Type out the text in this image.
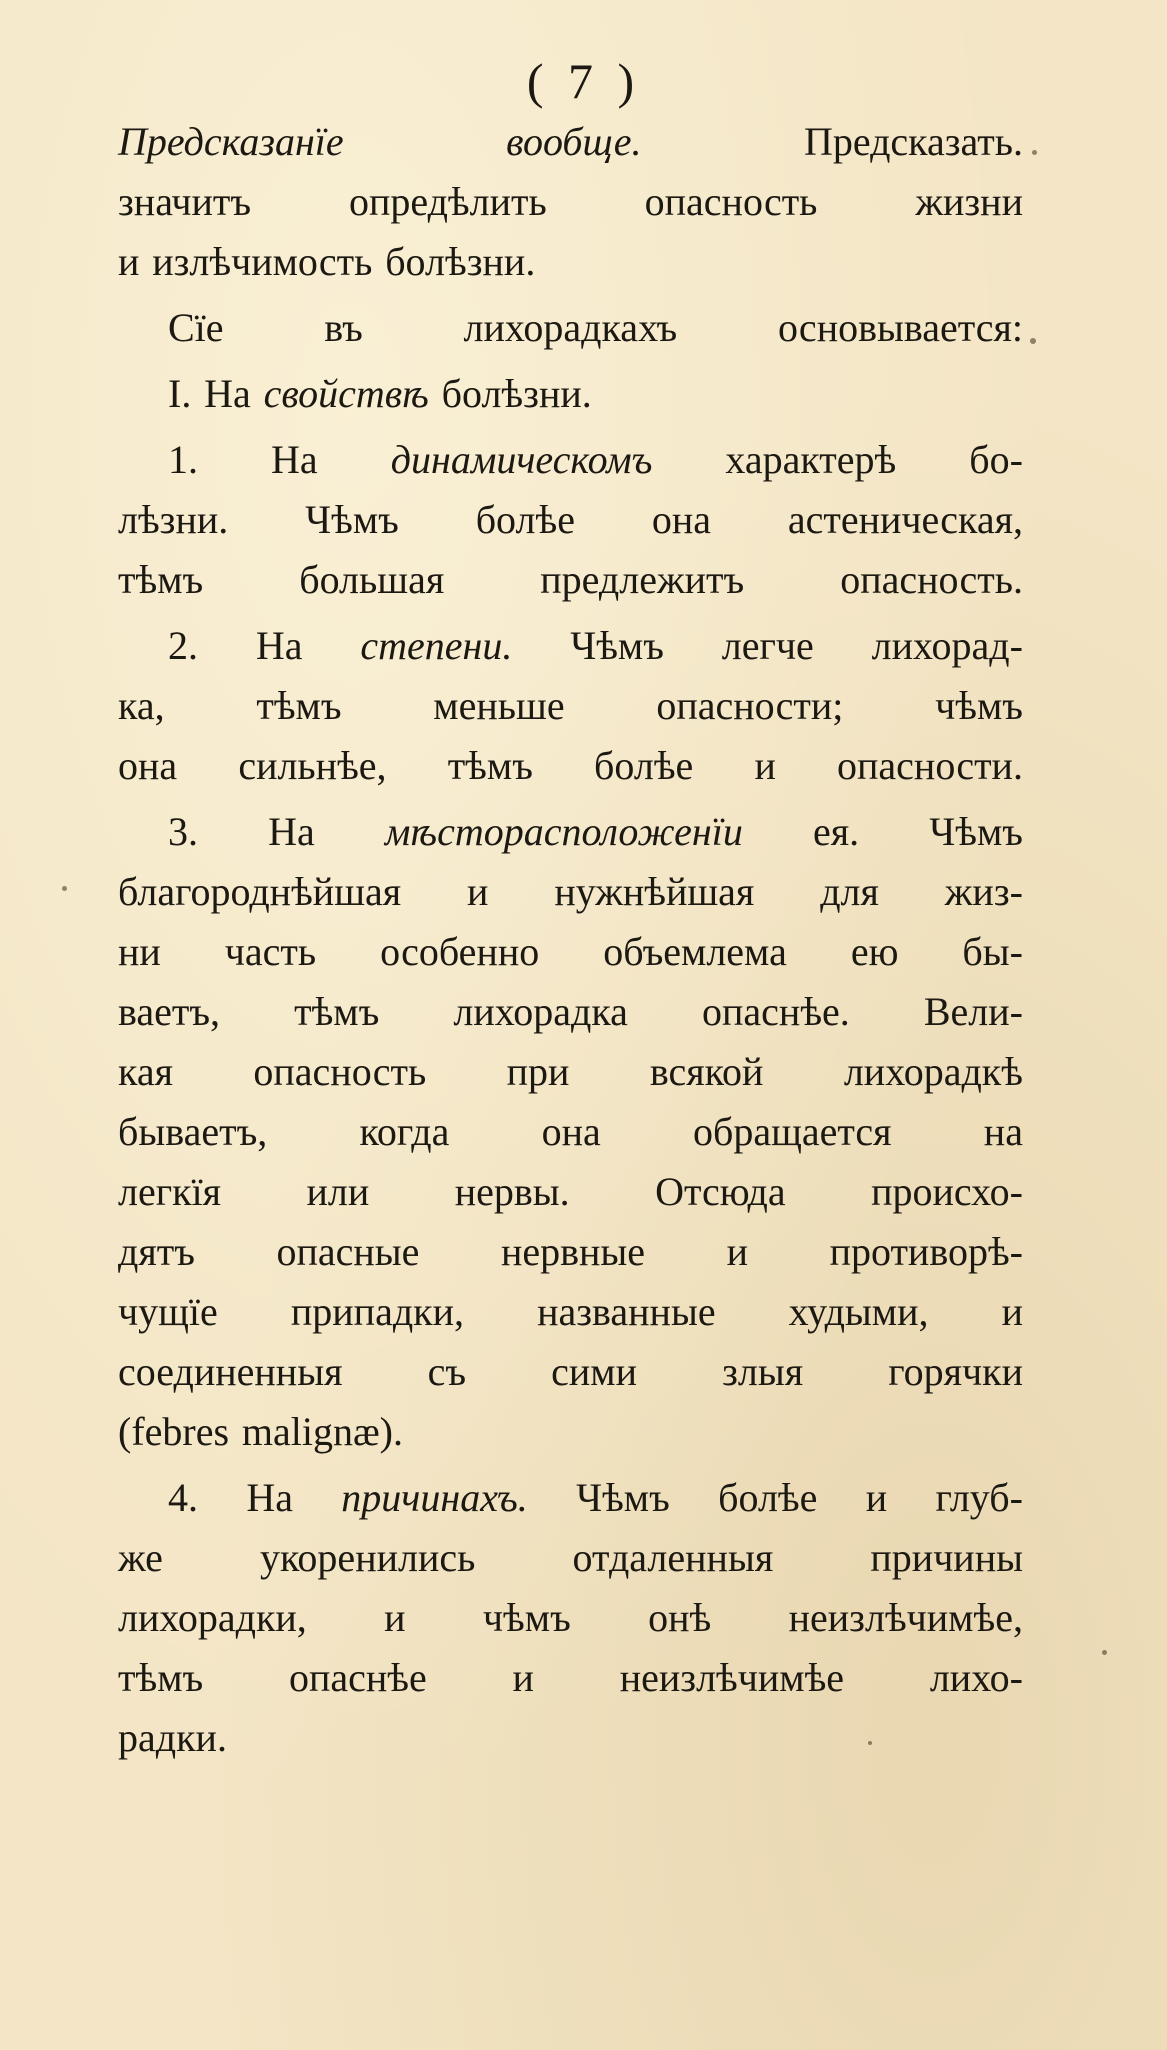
( 7 )
Предсказанїе	вообще.	Предсказать.
значитъ опредѣлить опасность жизни
и излѣчимость болѣзни.
Сїе	въ	лихорадкахъ	основывается:
I. На свойствѣ болѣзни.
1. На динамическомъ характерѣ бо-
лѣзни. Чѣмъ болѣе она астеническая,
тѣмъ большая предлежитъ опасность.
2. На степени. Чѣмъ легче лихорад-
ка, тѣмъ меньше опасности; чѣмъ
она сильнѣе, тѣмъ болѣе и опасности.
3. На мѣсторасположенїи ея. Чѣмъ
благороднѣйшая и нужнѣйшая для жиз-
ни часть особенно объемлема ею бы-
ваетъ, тѣмъ лихорадка опаснѣе. Вели-
кая опасность при всякой лихорадкѣ
бываетъ, когда она обращается на
легкїя или нервы. Отсюда происхо-
дятъ опасные нервные и противорѣ-
чущїе припадки, названные худыми, и
соединенныя съ сими злыя горячки
(febres malignæ).
4. На причинахъ. Чѣмъ болѣе и глуб-
же укоренились отдаленныя причины
лихорадки, и чѣмъ онѣ неизлѣчимѣе,
тѣмъ опаснѣе и неизлѣчимѣе лихо-
радки.
